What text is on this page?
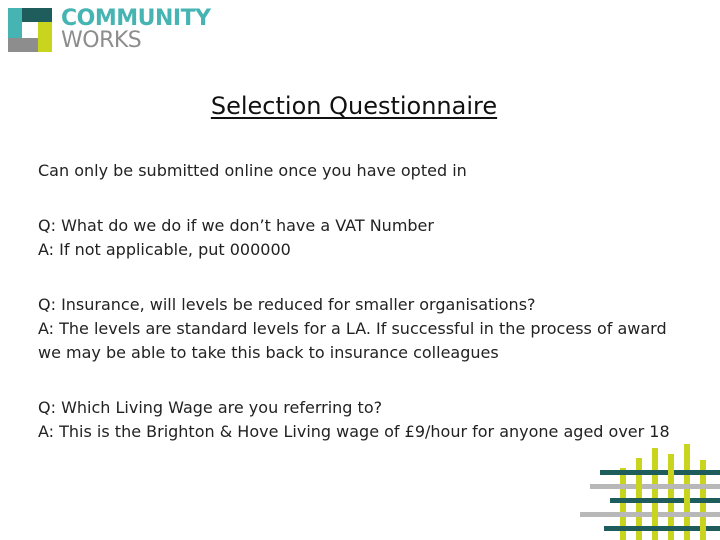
COMMUNITY
WORKS
Selection Questionnaire

Can only be submitted online once you have opted in

Q: What do we do if we don’t have a VAT Number

A: If not applicable, put 000000

Q: Insurance, will levels be reduced for smaller organisations?

A: The levels are standard levels for a LA. If successful in the process of award we may be able to take this back to insurance colleagues

Q: Which Living Wage are you referring to?

A: This is the Brighton & Hove Living wage of £9/hour for anyone aged over 18
